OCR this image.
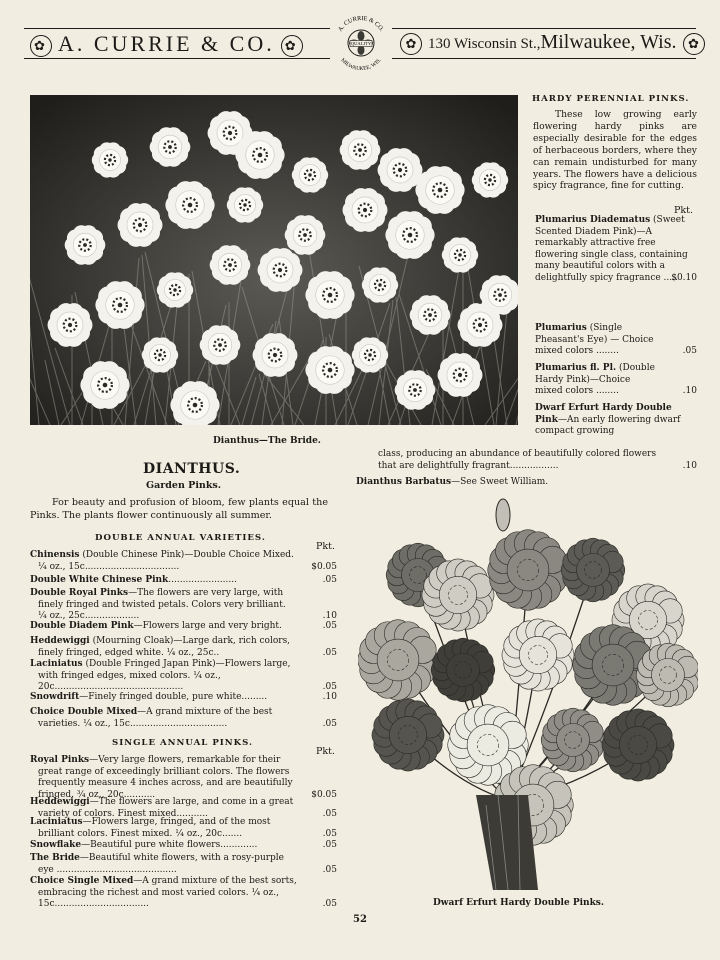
✿A. CURRIE & CO.✿
A. CURRIE & CO.
MILWAUKEE, WIS.
QUALITY
✿	130 Wisconsin St.,Milwaukee, Wis.✿
Dianthus—The Bride.
HARDY PERENNIAL PINKS.
These low growing early flowering hardy pinks are especially desirable for the edges of herbaceous borders, where they can remain undisturbed for many years. The flowers have a delicious spicy fragrance, fine for cutting.
Pkt.
Plumarius Diadematus (Sweet Scented Diadem Pink)—A remarkably attractive free flowering single class, containing many beautiful colors with a delightfully spicy fragrance .....
$0.10
Plumarius (Single Pheasant's Eye) — Choice mixed colors ........	.05
Plumarius fl. Pl. (Double Hardy Pink)—Choice mixed colors ........	.10
Dwarf Erfurt Hardy Double Pink—An early flowering dwarf compact growing
class, producing an abundance of beautifully colored flowers that are delightfully fragrant.................	.10
Dianthus Barbatus—See Sweet William.
DIANTHUS.
Garden Pinks.
For beauty and profusion of bloom, few plants equal the Pinks. The plants flower continuously all summer.
DOUBLE ANNUAL VARIETIES.
Pkt.
Chinensis (Double Chinese Pink)—Double Choice Mixed. ¼ oz., 15c.................................	$0.05
Double White Chinese Pink........................	.05
Double Royal Pinks—The flowers are very large, with finely fringed and twisted petals. Colors very brilliant. ¼ oz., 25c...................	.10
Double Diadem Pink—Flowers large and very bright.	.05
Heddewiggi (Mourning Cloak)—Large dark, rich colors, finely fringed, edged white. ¼ oz., 25c..	.05
Laciniatus (Double Fringed Japan Pink)—Flowers large, with fringed edges, mixed colors. ¼ oz., 20c.............................................	.05
Snowdrift—Finely fringed double, pure white.........	.10
Choice Double Mixed—A grand mixture of the best varieties. ¼ oz., 15c..................................	.05
SINGLE ANNUAL PINKS.
Pkt.
Royal Pinks—Very large flowers, remarkable for their great range of exceedingly brilliant colors. The flowers frequently measure 4 inches across, and are beautifully fringed. ¾ oz., 20c...........	$0.05
Heddewiggi—The flowers are large, and come in a great variety of colors. Finest mixed...........	.05
Laciniatus—Flowers large, fringed, and of the most brilliant colors. Finest mixed. ¼ oz., 20c.......	.05
Snowflake—Beautiful pure white flowers.............	.05
The Bride—Beautiful white flowers, with a rosy-purple eye ..........................................	.05
Choice Single Mixed—A grand mixture of the best sorts, embracing the richest and most varied colors. ¼ oz., 15c.................................	.05	Dwarf Erfurt Hardy Double Pinks.
52
